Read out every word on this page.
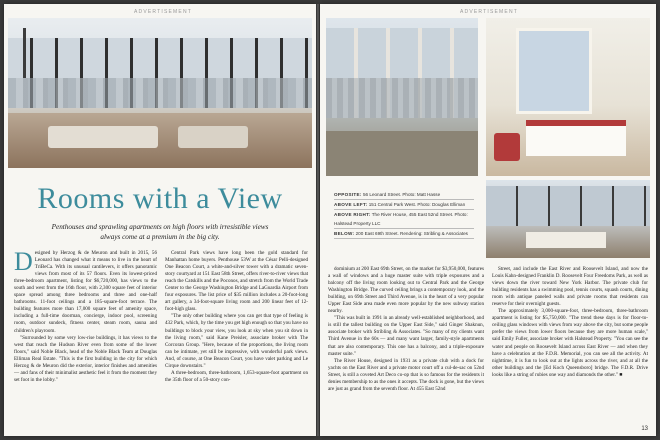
ADVERTISEMENT
Rooms with a View
Penthouses and sprawling apartments on high floors with irresistible views always come at a premium in the big city.
D esigned by Herzog & de Meuron and built in 2015, 56 Leonard has changed what it means to live in the heart of TriBeCa. With its unusual cantilevers, it offers panoramic views from most of its 57 floors. Even its lowest-priced three-bedroom apartment, listing for $6,720,000, has views to the south and west from the 16th floor, with 2,300 square feet of interior space spread among three bedrooms and three and one-half bathrooms. 11-foot ceilings and a 185-square-foot terrace. The building features more than 17,000 square feet of amenity space, including a full-time doorman, concierge, indoor pool, screening room, outdoor sundeck, fitness center, steam room, sauna and children's playroom.

"Surrounded by some very low-rise buildings, it has views to the west that reach the Hudson River even from some of the lower floors," said Noble Black, head of the Noble Black Team at Douglas Elliman Real Estate. "This is the first building in the city for which Herzog & de Meuron did the exterior, interior finishes and amenities — and fans of their minimalist aesthetic feel it from the moment they set foot in the lobby."

Central Park views have long been the gold standard for Manhattan home buyers. Penthouse 53W at the César Pelli-designed One Beacon Court, a white-and-silver tower with a dramatic seven-story courtyard at 151 East 58th Street, offers river-to-river views that reach the Catskills and the Poconos, and stretch from the World Trade Center to the George Washington Bridge and LaGuardia Airport from four exposures. The list price of $35 million includes a 20-foot-long art gallery, a 34-foot-square living room and 200 linear feet of 12-foot-high glass.

"The only other building where you can get that type of feeling is 432 Park, which, by the time you get high enough so that you have no buildings to block your view, you look at sky when you sit down in the living room," said Kane Preisler, associate broker with The Corcoran Group. "Here, because of the proportions, the living room can be intimate, yet still be impressive, with wonderful park views. And, of course, at One Beacon Court, you have valet parking and Le Cirque downstairs."

A three-bedroom, three-bathroom, 1,653-square-foot apartment on the 35th floor of a 50-story con-

ADVERTISEMENT
OPPOSITE: 56 Leonard Street. Photo: Matt Hasse
ABOVE LEFT: 151 Central Park West. Photo: Douglas Elliman
ABOVE RIGHT: The River House, 455 East 52nd Street. Photo: Halstead Property LLC
BELOW: 200 East 69th Street. Rendering: Stribling & Associates

dominium at 200 East 69th Street, on the market for $3,950,000, features a wall of windows and a huge master suite with triple exposures and a balcony off the living room looking out to Central Park and the George Washington Bridge. The curved ceiling brings a contemporary look, and the building, on 69th Street and Third Avenue, is in the heart of a very popular Upper East Side area made even more popular by the new subway station nearby.

"This was built in 1991 in an already well-established neighborhood, and is still the tallest building on the Upper East Side," said Ginger Shaknun, associate broker with Stribling & Associates. "So many of my clients want Third Avenue in the 60s — and many want larger, family-style apartments that are also contemporary. This one has a balcony, and a triple-exposure master suite."

The River House, designed in 1931 as a private club with a dock for yachts on the East River and a private motor court off a cul-de-sac on 52nd Street, is still a coveted Art Deco co-op that is so famous for the residents it denies membership to as the ones it accepts. The dock is gone, but the views are just as grand from the seventh floor. At 455 East 52nd

Street, and include the East River and Roosevelt Island, and now the Louis Kahn-designed Franklin D. Roosevelt Four Freedoms Park, as well as views down the river toward New York Harbor. The private club for building residents has a swimming pool, tennis courts, squash courts, dining room with antique paneled walls and private rooms that residents can reserve for their overnight guests.

The approximately 3,000-square-foot, three-bedroom, three-bathroom apartment is listing for $5,750,000. "The trend these days is for floor-to-ceiling glass windows with views from way above the city, but some people prefer the views from lower floors because they are more human scale," said Emily Fuller, associate broker with Halstead Property. "You can see the water and people on Roosevelt Island across East River — and when they have a celebration at the F.D.R. Memorial, you can see all the activity. At nighttime, it is fun to look out at the lights across the river, and at all the other buildings and the [Ed Koch Queensboro] bridge. The F.D.R. Drive looks like a string of rubies one way and diamonds the other." ■

13
